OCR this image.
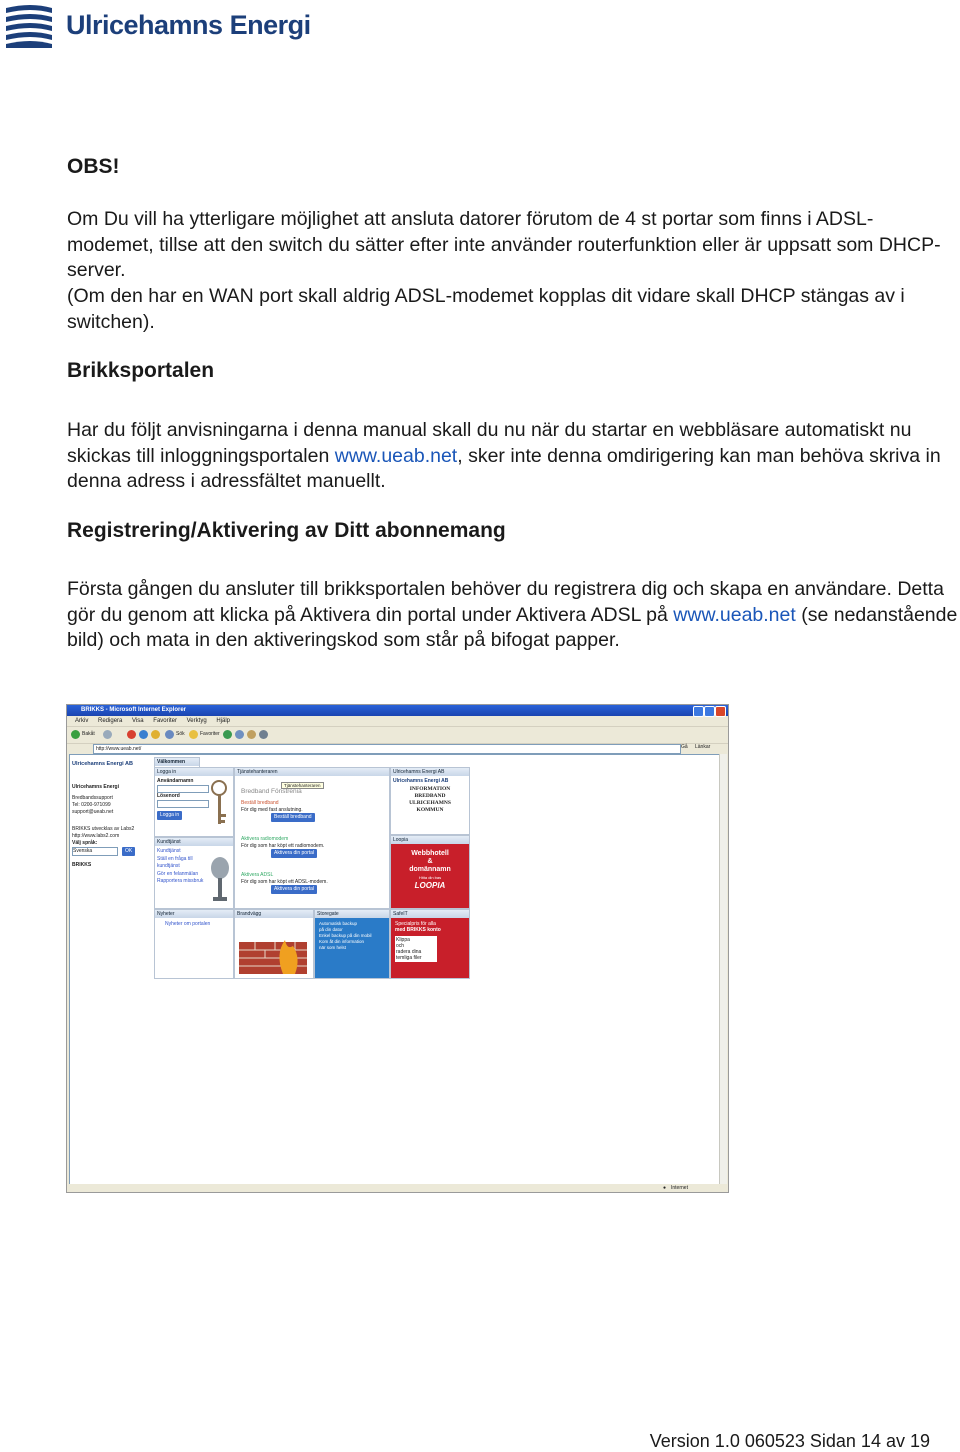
Ulricehamns Energi
OBS!

Om Du vill ha ytterligare möjlighet att ansluta datorer förutom de 4 st portar som finns i ADSL-modemet, tillse att den switch du sätter efter inte använder routerfunktion eller är uppsatt som DHCP-server.

(Om den har en WAN port skall aldrig ADSL-modemet kopplas dit vidare skall DHCP stängas av i switchen).

Brikksportalen

Har du följt anvisningarna i denna manual skall du nu när du startar en webbläsare automatiskt nu skickas till inloggningsportalen www.ueab.net, sker inte denna omdirigering kan man behöva skriva in denna adress i adressfältet manuellt.

Registrering/Aktivering av Ditt abonnemang

Första gången du ansluter till brikksportalen behöver du registrera dig och skapa en användare. Detta gör du genom att klicka på Aktivera din portal under Aktivera ADSL på www.ueab.net (se nedanstående bild) och mata in den aktiveringskod som står på bifogat papper.

BRIKKS - Microsoft Internet Explorer
Arkiv Redigera Visa Favoriter Verktyg Hjälp
Bakåt	Sök	Favoriter
http://www.ueab.net/	Gå Länkar
Ulricehamns Energi AB
Ulricehamns Energi
Bredbandssupport
Tel: 0200-971099
support@ueab.net
BRIKKS utvecklas av Labs2
http://www.labs2.com
Välj språk:
Svenska	OK
BRIKKS
Välkommen
Logga in
Användarnamn
Lösenord
Logga in
Kundtjänst
Kundtjänst
Ställ en fråga till
kundtjänst
Gör en felanmälan
Rapportera missbruk
Tjänstehanteraren
Tjänstehanteraren
Bredband Fönstrenia
Beställ bredband
För dig med fast anslutning.
Beställ bredband
Aktivera radiomodem
För dig som har köpt ett radiomodem.
Aktivera din portal
Aktivera ADSL
För dig som har köpt ett ADSL-modem.
Aktivera din portal
Ulricehamns Energi AB
Ulricehamns Energi AB
INFORMATION
BREDBAND
ULRICEHAMNS
KOMMUN
Loopia
Webbhotell
&
domännamn
Hitta din bas
LOOPIA
Nyheter
Nyheter om portalen
Brandvägg	Storegate
Automatisk backup
på din dator
Enkel backup på din mobil
Kom åt din information
när som helst
SafeIT
Specialpris för alla
med BRIKKS konto
Klippa
och
radera dina
temliga filer
● Internet
Version 1.0 060523 Sidan 14 av 19
